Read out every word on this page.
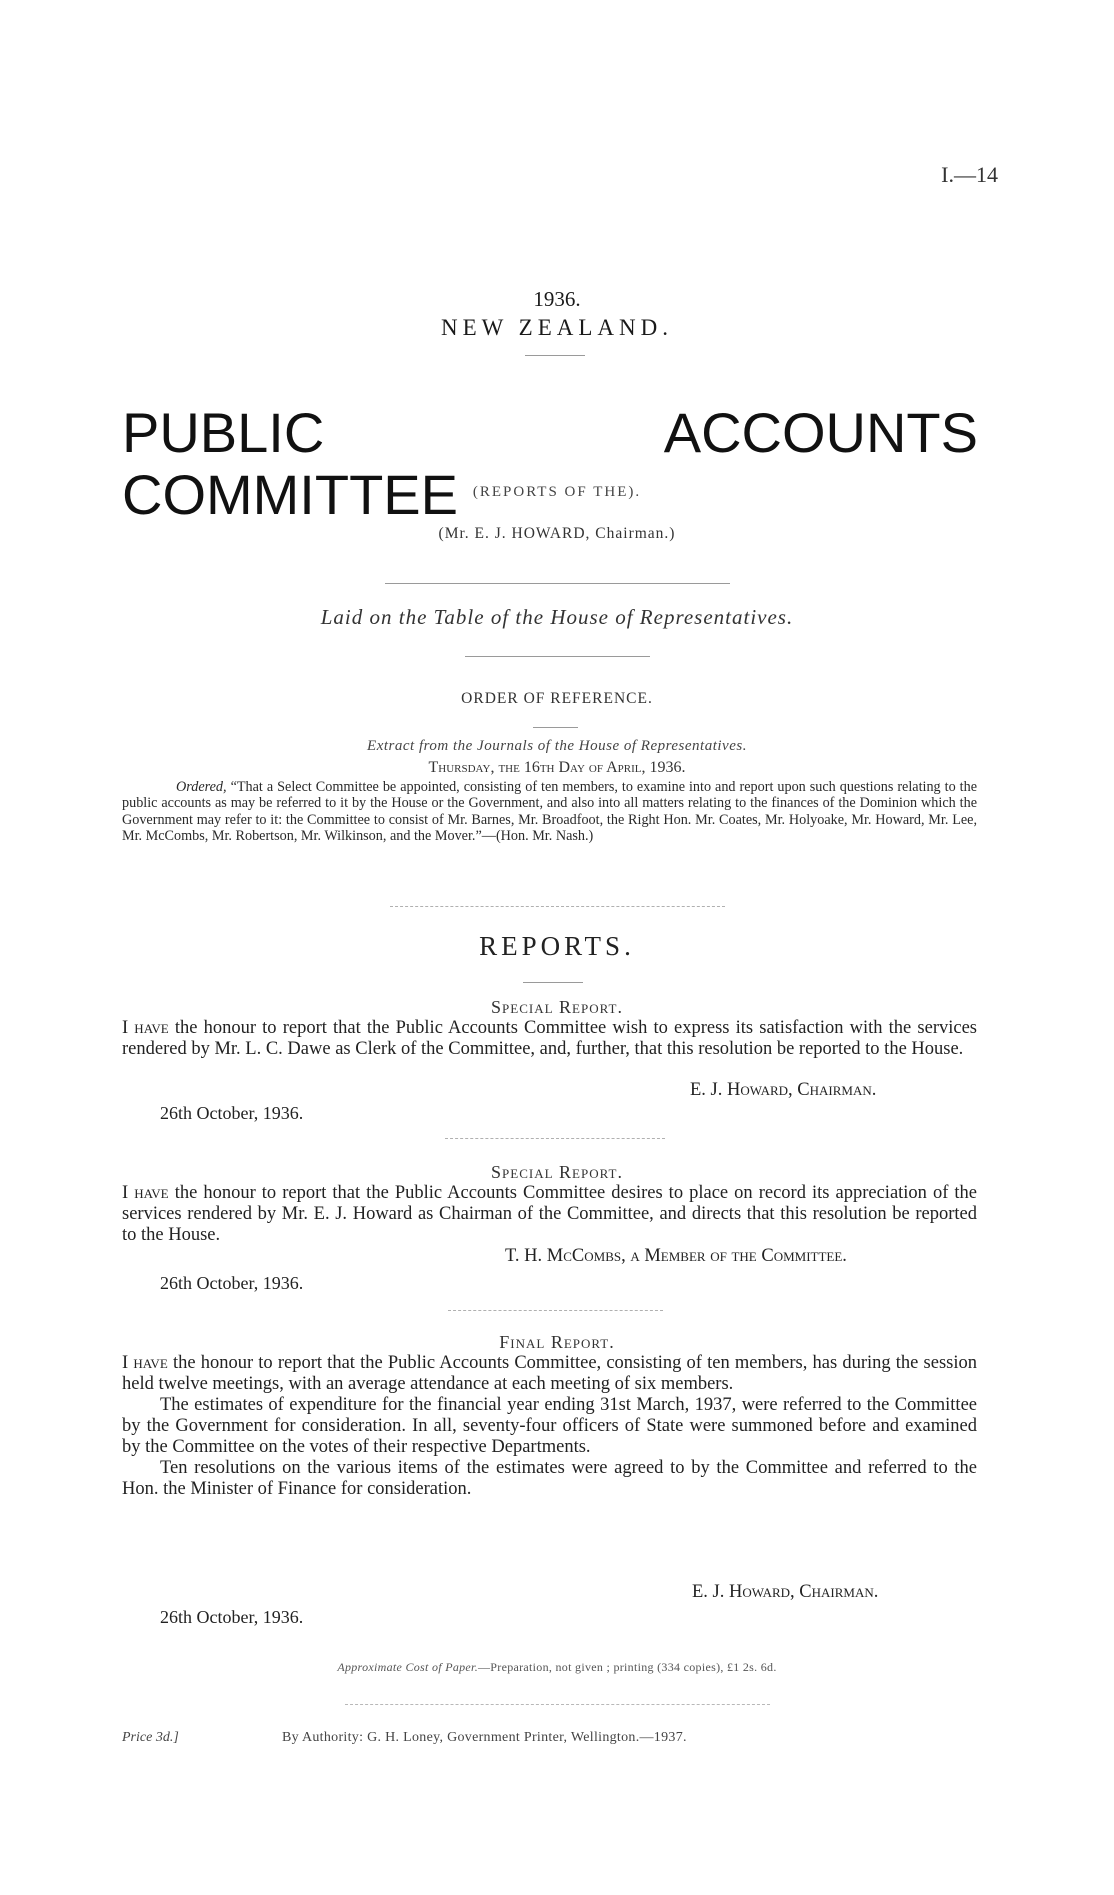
I.—14
1936.
NEW ZEALAND.
PUBLIC ACCOUNTS COMMITTEE (REPORTS OF THE).
(Mr. E. J. HOWARD, Chairman.)
Laid on the Table of the House of Representatives.
ORDER OF REFERENCE.
Extract from the Journals of the House of Representatives.
Thursday, the 16th Day of April, 1936.
Ordered, “That a Select Committee be appointed, consisting of ten members, to examine into and report upon such questions relating to the public accounts as may be referred to it by the House or the Government, and also into all matters relating to the finances of the Dominion which the Government may refer to it: the Committee to consist of Mr. Barnes, Mr. Broadfoot, the Right Hon. Mr. Coates, Mr. Holyoake, Mr. Howard, Mr. Lee, Mr. McCombs, Mr. Robertson, Mr. Wilkinson, and the Mover.”—(Hon. Mr. Nash.)
REPORTS.
Special Report.

I have the honour to report that the Public Accounts Committee wish to express its satisfaction with the services rendered by Mr. L. C. Dawe as Clerk of the Committee, and, further, that this resolution be reported to the House.

E. J. Howard, Chairman.
26th October, 1936.
Special Report.

I have the honour to report that the Public Accounts Committee desires to place on record its appreciation of the services rendered by Mr. E. J. Howard as Chairman of the Committee, and directs that this resolution be reported to the House.

T. H. McCombs, a Member of the Committee.
26th October, 1936.
Final Report.

I have the honour to report that the Public Accounts Committee, consisting of ten members, has during the session held twelve meetings, with an average attendance at each meeting of six members.

The estimates of expenditure for the financial year ending 31st March, 1937, were referred to the Committee by the Government for consideration. In all, seventy-four officers of State were summoned before and examined by the Committee on the votes of their respective Departments.

Ten resolutions on the various items of the estimates were agreed to by the Committee and referred to the Hon. the Minister of Finance for consideration.

E. J. Howard, Chairman.
26th October, 1936.
Approximate Cost of Paper.—Preparation, not given ; printing (334 copies), £1 2s. 6d.
Price 3d.]	By Authority: G. H. Loney, Government Printer, Wellington.—1937.
